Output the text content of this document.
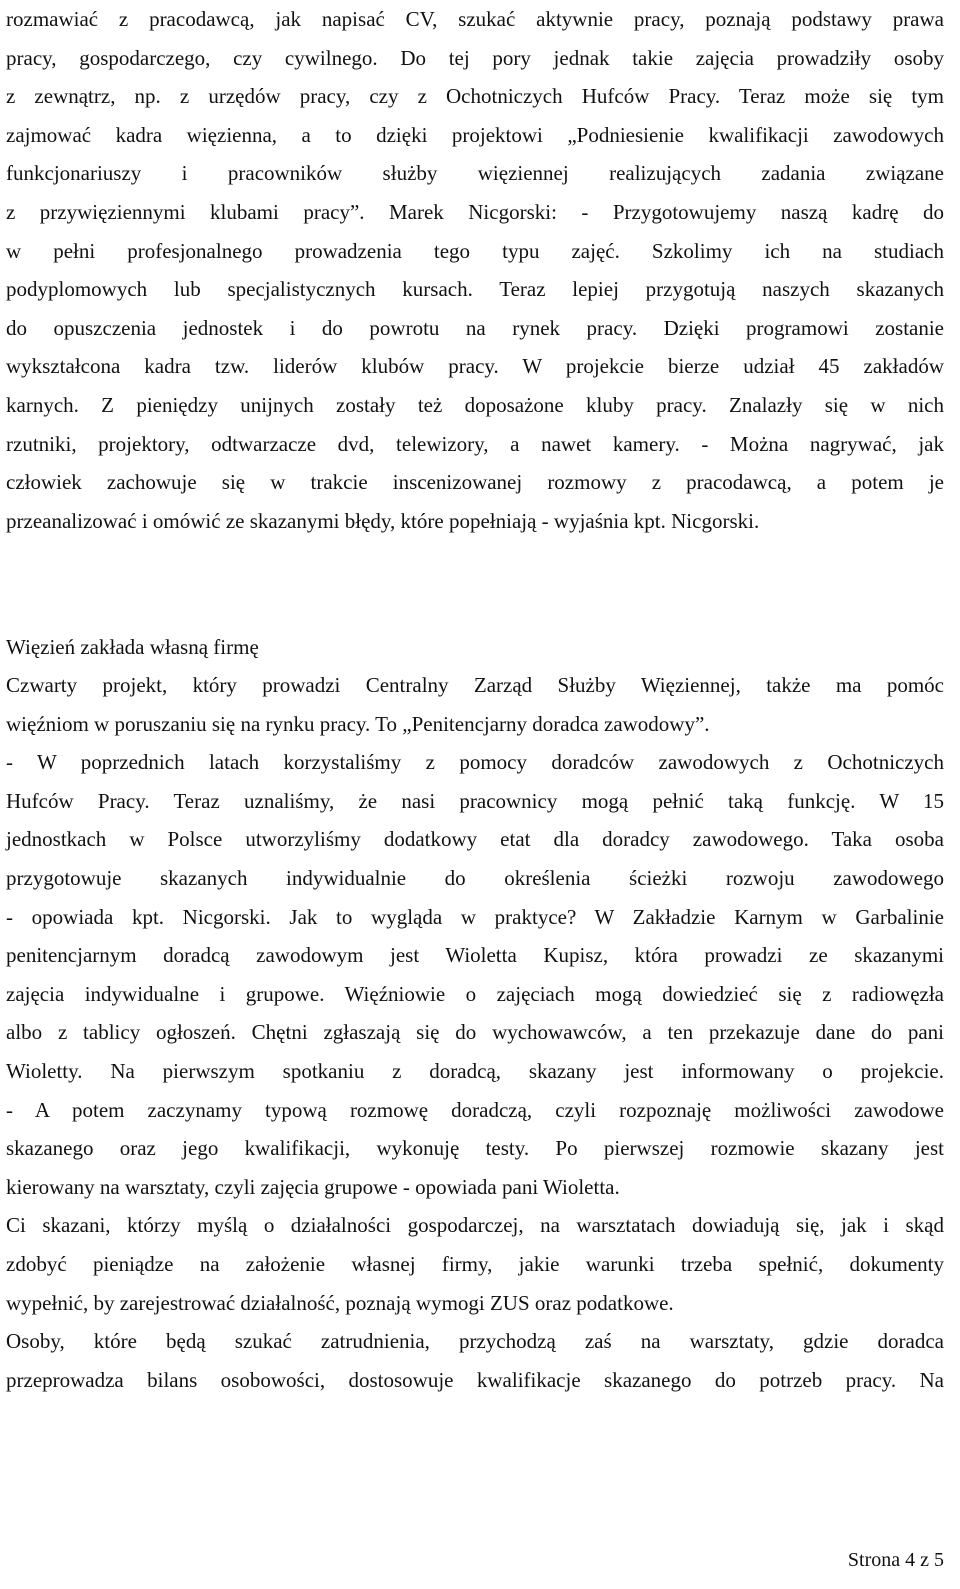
rozmawiać z pracodawcą, jak napisać CV, szukać aktywnie pracy, poznają podstawy prawa
pracy, gospodarczego, czy cywilnego. Do tej pory jednak takie zajęcia prowadziły osoby
z zewnątrz, np. z urzędów pracy, czy z Ochotniczych Hufców Pracy. Teraz może się tym
zajmować kadra więzienna, a to dzięki projektowi „Podniesienie kwalifikacji zawodowych
funkcjonariuszy i pracowników służby więziennej realizujących zadania związane
z przywięziennymi klubami pracy”. Marek Nicgorski: - Przygotowujemy naszą kadrę do
w pełni profesjonalnego prowadzenia tego typu zajęć. Szkolimy ich na studiach
podyplomowych lub specjalistycznych kursach. Teraz lepiej przygotują naszych skazanych
do opuszczenia jednostek i do powrotu na rynek pracy. Dzięki programowi zostanie
wykształcona kadra tzw. liderów klubów pracy. W projekcie bierze udział 45 zakładów
karnych. Z pieniędzy unijnych zostały też doposażone kluby pracy. Znalazły się w nich
rzutniki, projektory, odtwarzacze dvd, telewizory, a nawet kamery. - Można nagrywać, jak
człowiek zachowuje się w trakcie inscenizowanej rozmowy z pracodawcą, a potem je
przeanalizować i omówić ze skazanymi błędy, które popełniają - wyjaśnia kpt. Nicgorski.
Więzień zakłada własną firmę
Czwarty projekt, który prowadzi Centralny Zarząd Służby Więziennej, także ma pomóc
więźniom w poruszaniu się na rynku pracy. To „Penitencjarny doradca zawodowy”.
- W poprzednich latach korzystaliśmy z pomocy doradców zawodowych z Ochotniczych
Hufców Pracy. Teraz uznaliśmy, że nasi pracownicy mogą pełnić taką funkcję. W 15
jednostkach w Polsce utworzyliśmy dodatkowy etat dla doradcy zawodowego. Taka osoba
przygotowuje skazanych indywidualnie do określenia ścieżki rozwoju zawodowego
- opowiada kpt. Nicgorski. Jak to wygląda w praktyce? W Zakładzie Karnym w Garbalinie
penitencjarnym doradcą zawodowym jest Wioletta Kupisz, która prowadzi ze skazanymi
zajęcia indywidualne i grupowe. Więźniowie o zajęciach mogą dowiedzieć się z radiowęzła
albo z tablicy ogłoszeń. Chętni zgłaszają się do wychowawców, a ten przekazuje dane do pani
Wioletty. Na pierwszym spotkaniu z doradcą, skazany jest informowany o projekcie.
- A potem zaczynamy typową rozmowę doradczą, czyli rozpoznaję możliwości zawodowe
skazanego oraz jego kwalifikacji, wykonuję testy. Po pierwszej rozmowie skazany jest
kierowany na warsztaty, czyli zajęcia grupowe - opowiada pani Wioletta.
Ci skazani, którzy myślą o działalności gospodarczej, na warsztatach dowiadują się, jak i skąd
zdobyć pieniądze na założenie własnej firmy, jakie warunki trzeba spełnić, dokumenty
wypełnić, by zarejestrować działalność, poznają wymogi ZUS oraz podatkowe.
Osoby, które będą szukać zatrudnienia, przychodzą zaś na warsztaty, gdzie doradca
przeprowadza bilans osobowości, dostosowuje kwalifikacje skazanego do potrzeb pracy. Na
Strona 4 z 5
